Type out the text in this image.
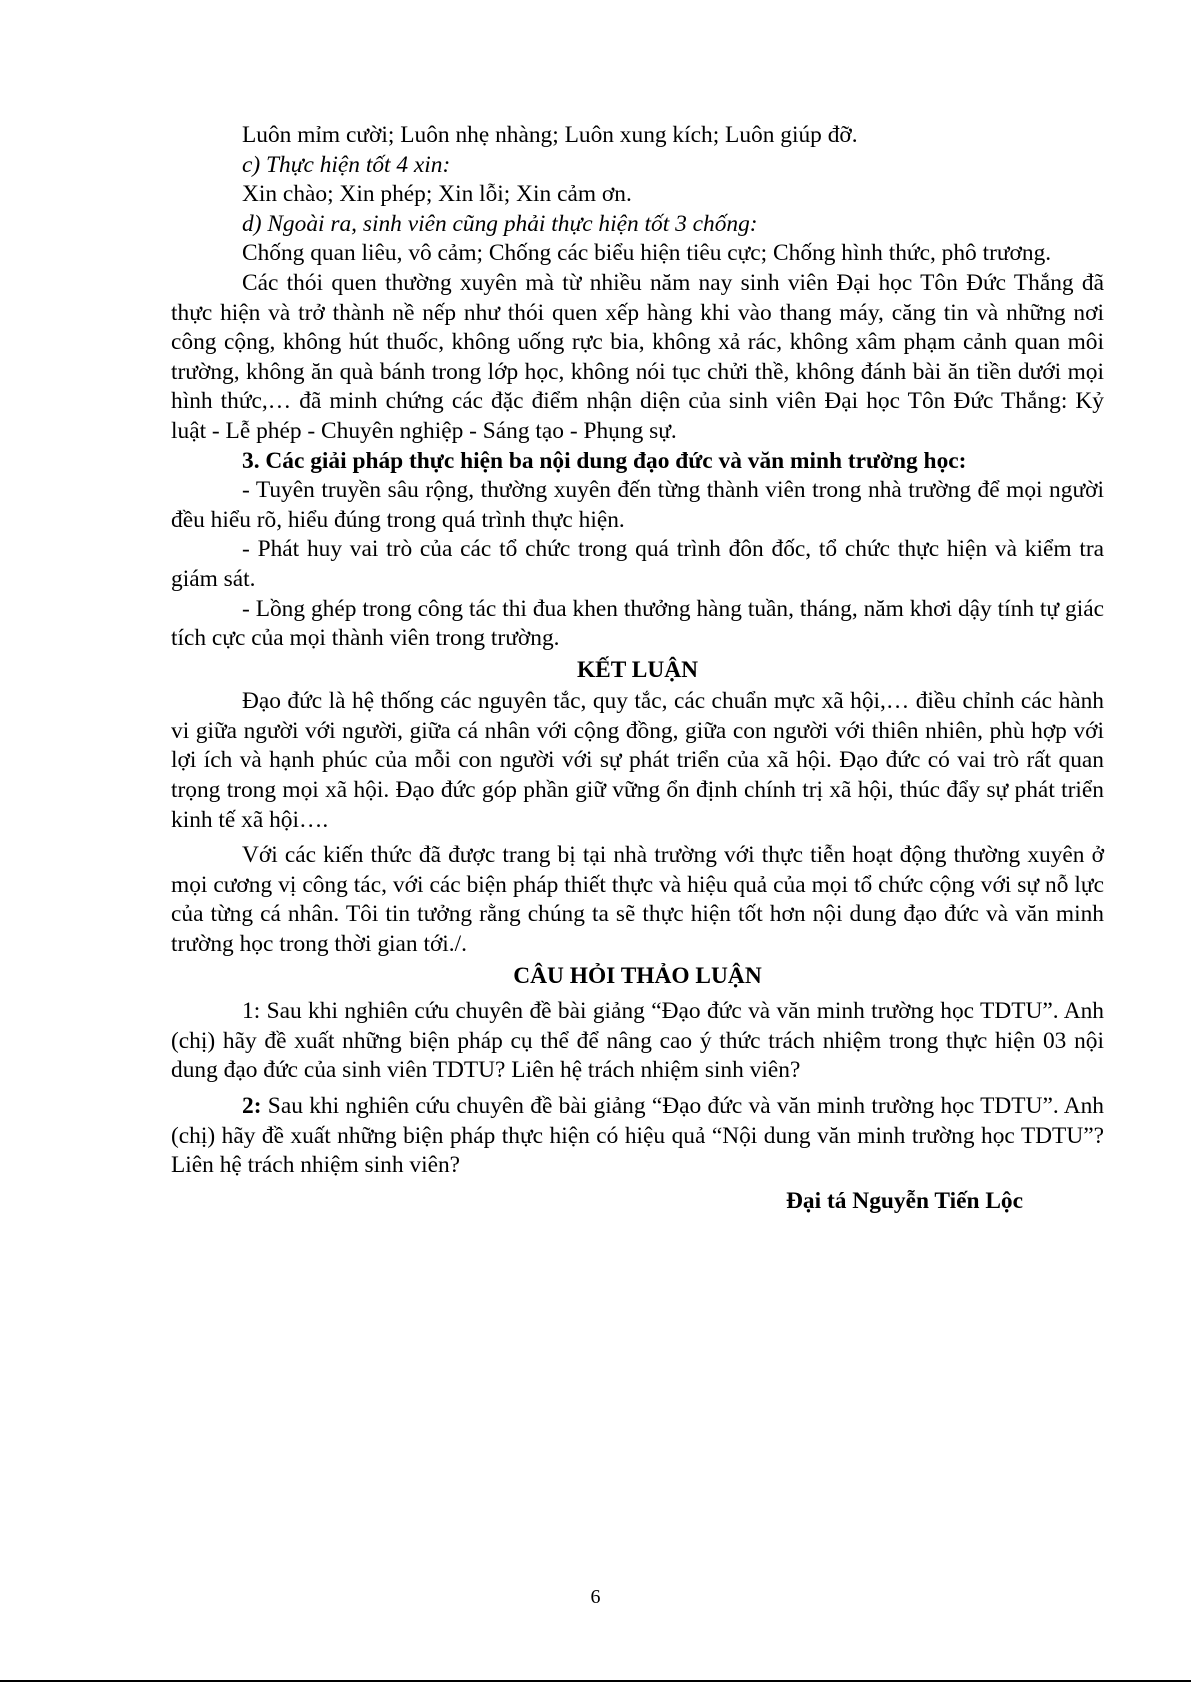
Luôn mỉm cười; Luôn nhẹ nhàng; Luôn xung kích; Luôn giúp đỡ.

c) Thực hiện tốt 4 xin:

Xin chào; Xin phép; Xin lỗi; Xin cảm ơn.

d) Ngoài ra, sinh viên cũng phải thực hiện tốt 3 chống:

Chống quan liêu, vô cảm; Chống các biểu hiện tiêu cực; Chống hình thức, phô trương.

Các thói quen thường xuyên mà từ nhiều năm nay sinh viên Đại học Tôn Đức Thắng đã thực hiện và trở thành nề nếp như thói quen xếp hàng khi vào thang máy, căng tin và những nơi công cộng, không hút thuốc, không uống rực bia, không xả rác, không xâm phạm cảnh quan môi trường, không ăn quà bánh trong lớp học, không nói tục chửi thề, không đánh bài ăn tiền dưới mọi hình thức,… đã minh chứng các đặc điểm nhận diện của sinh viên Đại học Tôn Đức Thắng: Kỷ luật - Lễ phép - Chuyên nghiệp - Sáng tạo - Phụng sự.

3. Các giải pháp thực hiện ba nội dung đạo đức và văn minh trường học:

- Tuyên truyền sâu rộng, thường xuyên đến từng thành viên trong nhà trường để mọi người đều hiểu rõ, hiểu đúng trong quá trình thực hiện.

- Phát huy vai trò của các tổ chức trong quá trình đôn đốc, tổ chức thực hiện và kiểm tra giám sát.

- Lồng ghép trong công tác thi đua khen thưởng hàng tuần, tháng, năm khơi dậy tính tự giác tích cực của mọi thành viên trong trường.

KẾT LUẬN

Đạo đức là hệ thống các nguyên tắc, quy tắc, các chuẩn mực xã hội,… điều chỉnh các hành vi giữa người với người, giữa cá nhân với cộng đồng, giữa con người với thiên nhiên, phù hợp với lợi ích và hạnh phúc của mỗi con người với sự phát triển của xã hội. Đạo đức có vai trò rất quan trọng trong mọi xã hội. Đạo đức góp phần giữ vững ổn định chính trị xã hội, thúc đẩy sự phát triển kinh tế xã hội….

Với các kiến thức đã được trang bị tại nhà trường với thực tiễn hoạt động thường xuyên ở mọi cương vị công tác, với các biện pháp thiết thực và hiệu quả của mọi tổ chức cộng với sự nỗ lực của từng cá nhân. Tôi tin tưởng rằng chúng ta sẽ thực hiện tốt hơn nội dung đạo đức và văn minh trường học trong thời gian tới./.

CÂU HỎI THẢO LUẬN

1: Sau khi nghiên cứu chuyên đề bài giảng “Đạo đức và văn minh trường học TDTU”. Anh (chị) hãy đề xuất những biện pháp cụ thể để nâng cao ý thức trách nhiệm trong thực hiện 03 nội dung đạo đức của sinh viên TDTU? Liên hệ trách nhiệm sinh viên?

2: Sau khi nghiên cứu chuyên đề bài giảng “Đạo đức và văn minh trường học TDTU”. Anh (chị) hãy đề xuất những biện pháp thực hiện có hiệu quả “Nội dung văn minh trường học TDTU”? Liên hệ trách nhiệm sinh viên?

Đại tá Nguyễn Tiến Lộc

6
